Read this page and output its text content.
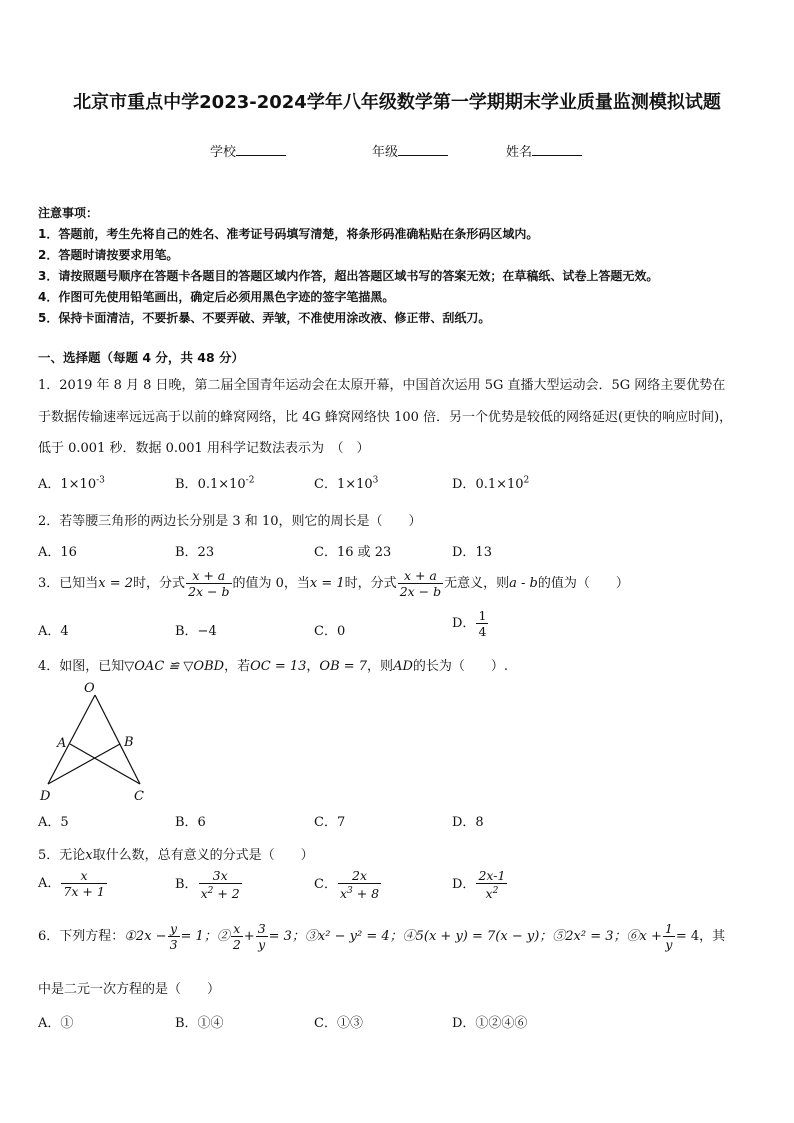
北京市重点中学2023-2024学年八年级数学第一学期期末学业质量监测模拟试题
学校	年级	姓名
注意事项：
1．答题前，考生先将自己的姓名、准考证号码填写清楚，将条形码准确粘贴在条形码区域内。
2．答题时请按要求用笔。
3．请按照题号顺序在答题卡各题目的答题区域内作答，超出答题区域书写的答案无效；在草稿纸、试卷上答题无效。
4．作图可先使用铅笔画出，确定后必须用黑色字迹的签字笔描黑。
5．保持卡面清洁，不要折暴、不要弄破、弄皱，不准使用涂改液、修正带、刮纸刀。
一、选择题（每题 4 分，共 48 分）
1．2019 年 8 月 8 日晚，第二届全国青年运动会在太原开幕，中国首次运用 5G 直播大型运动会．5G 网络主要优势在
于数据传输速率远远高于以前的蜂窝网络，比 4G 蜂窝网络快 100 倍．另一个优势是较低的网络延迟(更快的响应时间)，
低于 0.001 秒．数据 0.001 用科学记数法表示为　（　）
A．$1\times 10^{-3}$	B．$0.1\times 10^{-2}$	C．$1\times 10^3$	D．$0.1\times 10^2$
2．若等腰三角形的两边长分别是 3 和 10，则它的周长是（　　）
A．16	B．23	C．16 或 23	D．13
3．已知当x = 2时，分式 $\frac{x + a}{2x - b}$ 的值为 0，当x = 1时，分式 $\frac{x + a}{2x - b}$ 无意义，则a - b的值为（　　）
A．4	B．−4	C．0
D． $\frac{1}{4}$
4．如图，已知▽OAC ≌ ▽OBD，若OC = 13，OB = 7，则AD的长为（　　）.
O
A	B
C
D
A．5	B．6	C．7	D．8
5．无论x取什么数，总有意义的分式是（　　）
A． $\frac{x}{7x + 1}$	B． $\frac{3x}{x^2 + 2}$	C． $\frac{2x}{x^3 + 8}$	D． $\frac{2x-1}{x^2}$
6．下列方程：①2x − $\frac{y}{3} = 1$；② $\frac{x}{2} + \frac{3}{y} = 3$；③x² − y² = 4；④5(x + y) = 7(x − y)；⑤2x² = 3；⑥x + $\frac{1}{y} = 4$，其
中是二元一次方程的是（　　）
A．①	B．①④	C．①③	D．①②④⑥
